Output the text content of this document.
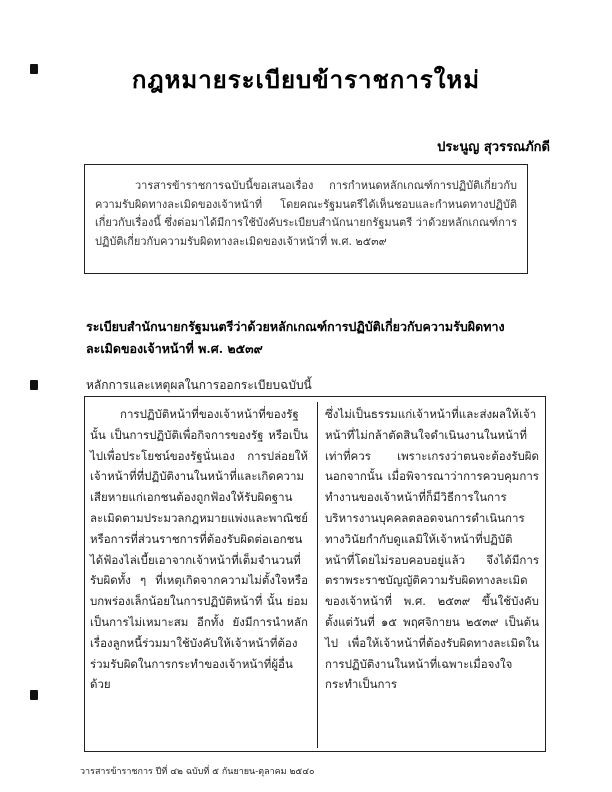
กฎหมายระเบียบข้าราชการใหม่
ประนูญ สุวรรณภักดี
วารสารข้าราชการฉบับนี้ขอเสนอเรื่อง การกำหนดหลักเกณฑ์การปฏิบัติเกี่ยวกับความรับผิดทางละเมิดของเจ้าหน้าที่ โดยคณะรัฐมนตรีได้เห็นชอบและกำหนดทางปฏิบัติเกี่ยวกับเรื่องนี้ ซึ่งต่อมาได้มีการใช้บังคับระเบียบสำนักนายกรัฐมนตรี ว่าด้วยหลักเกณฑ์การปฏิบัติเกี่ยวกับความรับผิดทางละเมิดของเจ้าหน้าที่ พ.ศ. ๒๕๓๙
ระเบียบสำนักนายกรัฐมนตรีว่าด้วยหลักเกณฑ์การปฏิบัติเกี่ยวกับความรับผิดทางละเมิดของเจ้าหน้าที่ พ.ศ. ๒๕๓๙
หลักการและเหตุผลในการออกระเบียบฉบับนี้

การปฏิบัติหน้าที่ของเจ้าหน้าที่ของรัฐนั้น เป็นการปฏิบัติเพื่อกิจการของรัฐ หรือเป็นไปเพื่อประโยชน์ของรัฐนั่นเอง การปล่อยให้เจ้าหน้าที่ที่ปฏิบัติงานในหน้าที่และเกิดความเสียหายแก่เอกชนต้องถูกฟ้องให้รับผิดฐานละเมิดตามประมวลกฎหมายแพ่งและพาณิชย์หรือการที่ส่วนราชการที่ต้องรับผิดต่อเอกชนได้ฟ้องไล่เบี้ยเอาจากเจ้าหน้าที่เต็มจำนวนที่รับผิดทั้ง ๆ ที่เหตุเกิดจากความไม่ตั้งใจหรือบกพร่องเล็กน้อยในการปฏิบัติหน้าที่ นั้น ย่อมเป็นการไม่เหมาะสม อีกทั้ง ยังมีการนำหลักเรื่องลูกหนี้ร่วมมาใช้บังคับให้เจ้าหน้าที่ต้องร่วมรับผิดในการกระทำของเจ้าหน้าที่ผู้อื่นด้วย

ซึ่งไม่เป็นธรรมแก่เจ้าหน้าที่และส่งผลให้เจ้าหน้าที่ไม่กล้าตัดสินใจดำเนินงานในหน้าที่เท่าที่ควร เพราะเกรงว่าตนจะต้องรับผิดนอกจากนั้น เมื่อพิจารณาว่าการควบคุมการทำงานของเจ้าหน้าที่ก็มีวิธีการในการบริหารงานบุคคลตลอดจนการดำเนินการทางวินัยกำกับดูแลมิให้เจ้าหน้าที่ปฏิบัติหน้าที่โดยไม่รอบคอบอยู่แล้ว จึงได้มีการตราพระราชบัญญัติความรับผิดทางละเมิดของเจ้าหน้าที่ พ.ศ. ๒๕๓๙ ขึ้นใช้บังคับตั้งแต่วันที่ ๑๕ พฤศจิกายน ๒๕๓๙ เป็นต้นไป เพื่อให้เจ้าหน้าที่ต้องรับผิดทางละเมิดในการปฏิบัติงานในหน้าที่เฉพาะเมื่อจงใจกระทำเป็นการ

วารสารข้าราชการ ปีที่ ๔๒ ฉบับที่ ๕ กันยายน-ตุลาคม ๒๕๔๐
